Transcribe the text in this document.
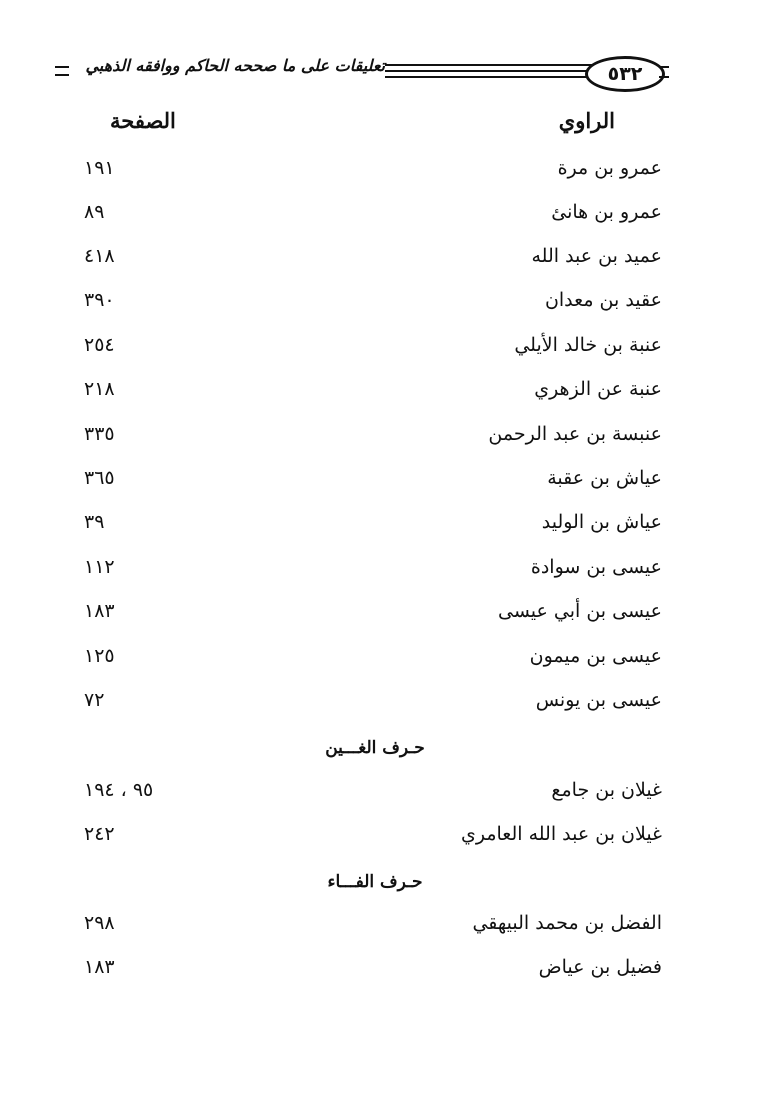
تعليقات على ما صححه الحاكم ووافقه الذهبي	٥٣٢
الراوي
الصفحة
عمرو بن مرة
١٩١
عمرو بن هانئ
٨٩
عميد بن عبد الله
٤١٨
عقيد بن معدان
٣٩٠
عنبة بن خالد الأيلي
٢٥٤
عنبة عن الزهري
٢١٨
عنبسة بن عبد الرحمن
٣٣٥
عياش بن عقبة
٣٦٥
عياش بن الوليد
٣٩
عيسى بن سوادة
١١٢
عيسى بن أبي عيسى
١٨٣
عيسى بن ميمون
١٢٥
عيسى بن يونس
٧٢
حـرف الغـــين
غيلان بن جامع
٩٥ ، ١٩٤
غيلان بن عبد الله العامري
٢٤٢
حـرف الفـــاء
الفضل بن محمد البيهقي
٢٩٨
فضيل بن عياض
١٨٣
